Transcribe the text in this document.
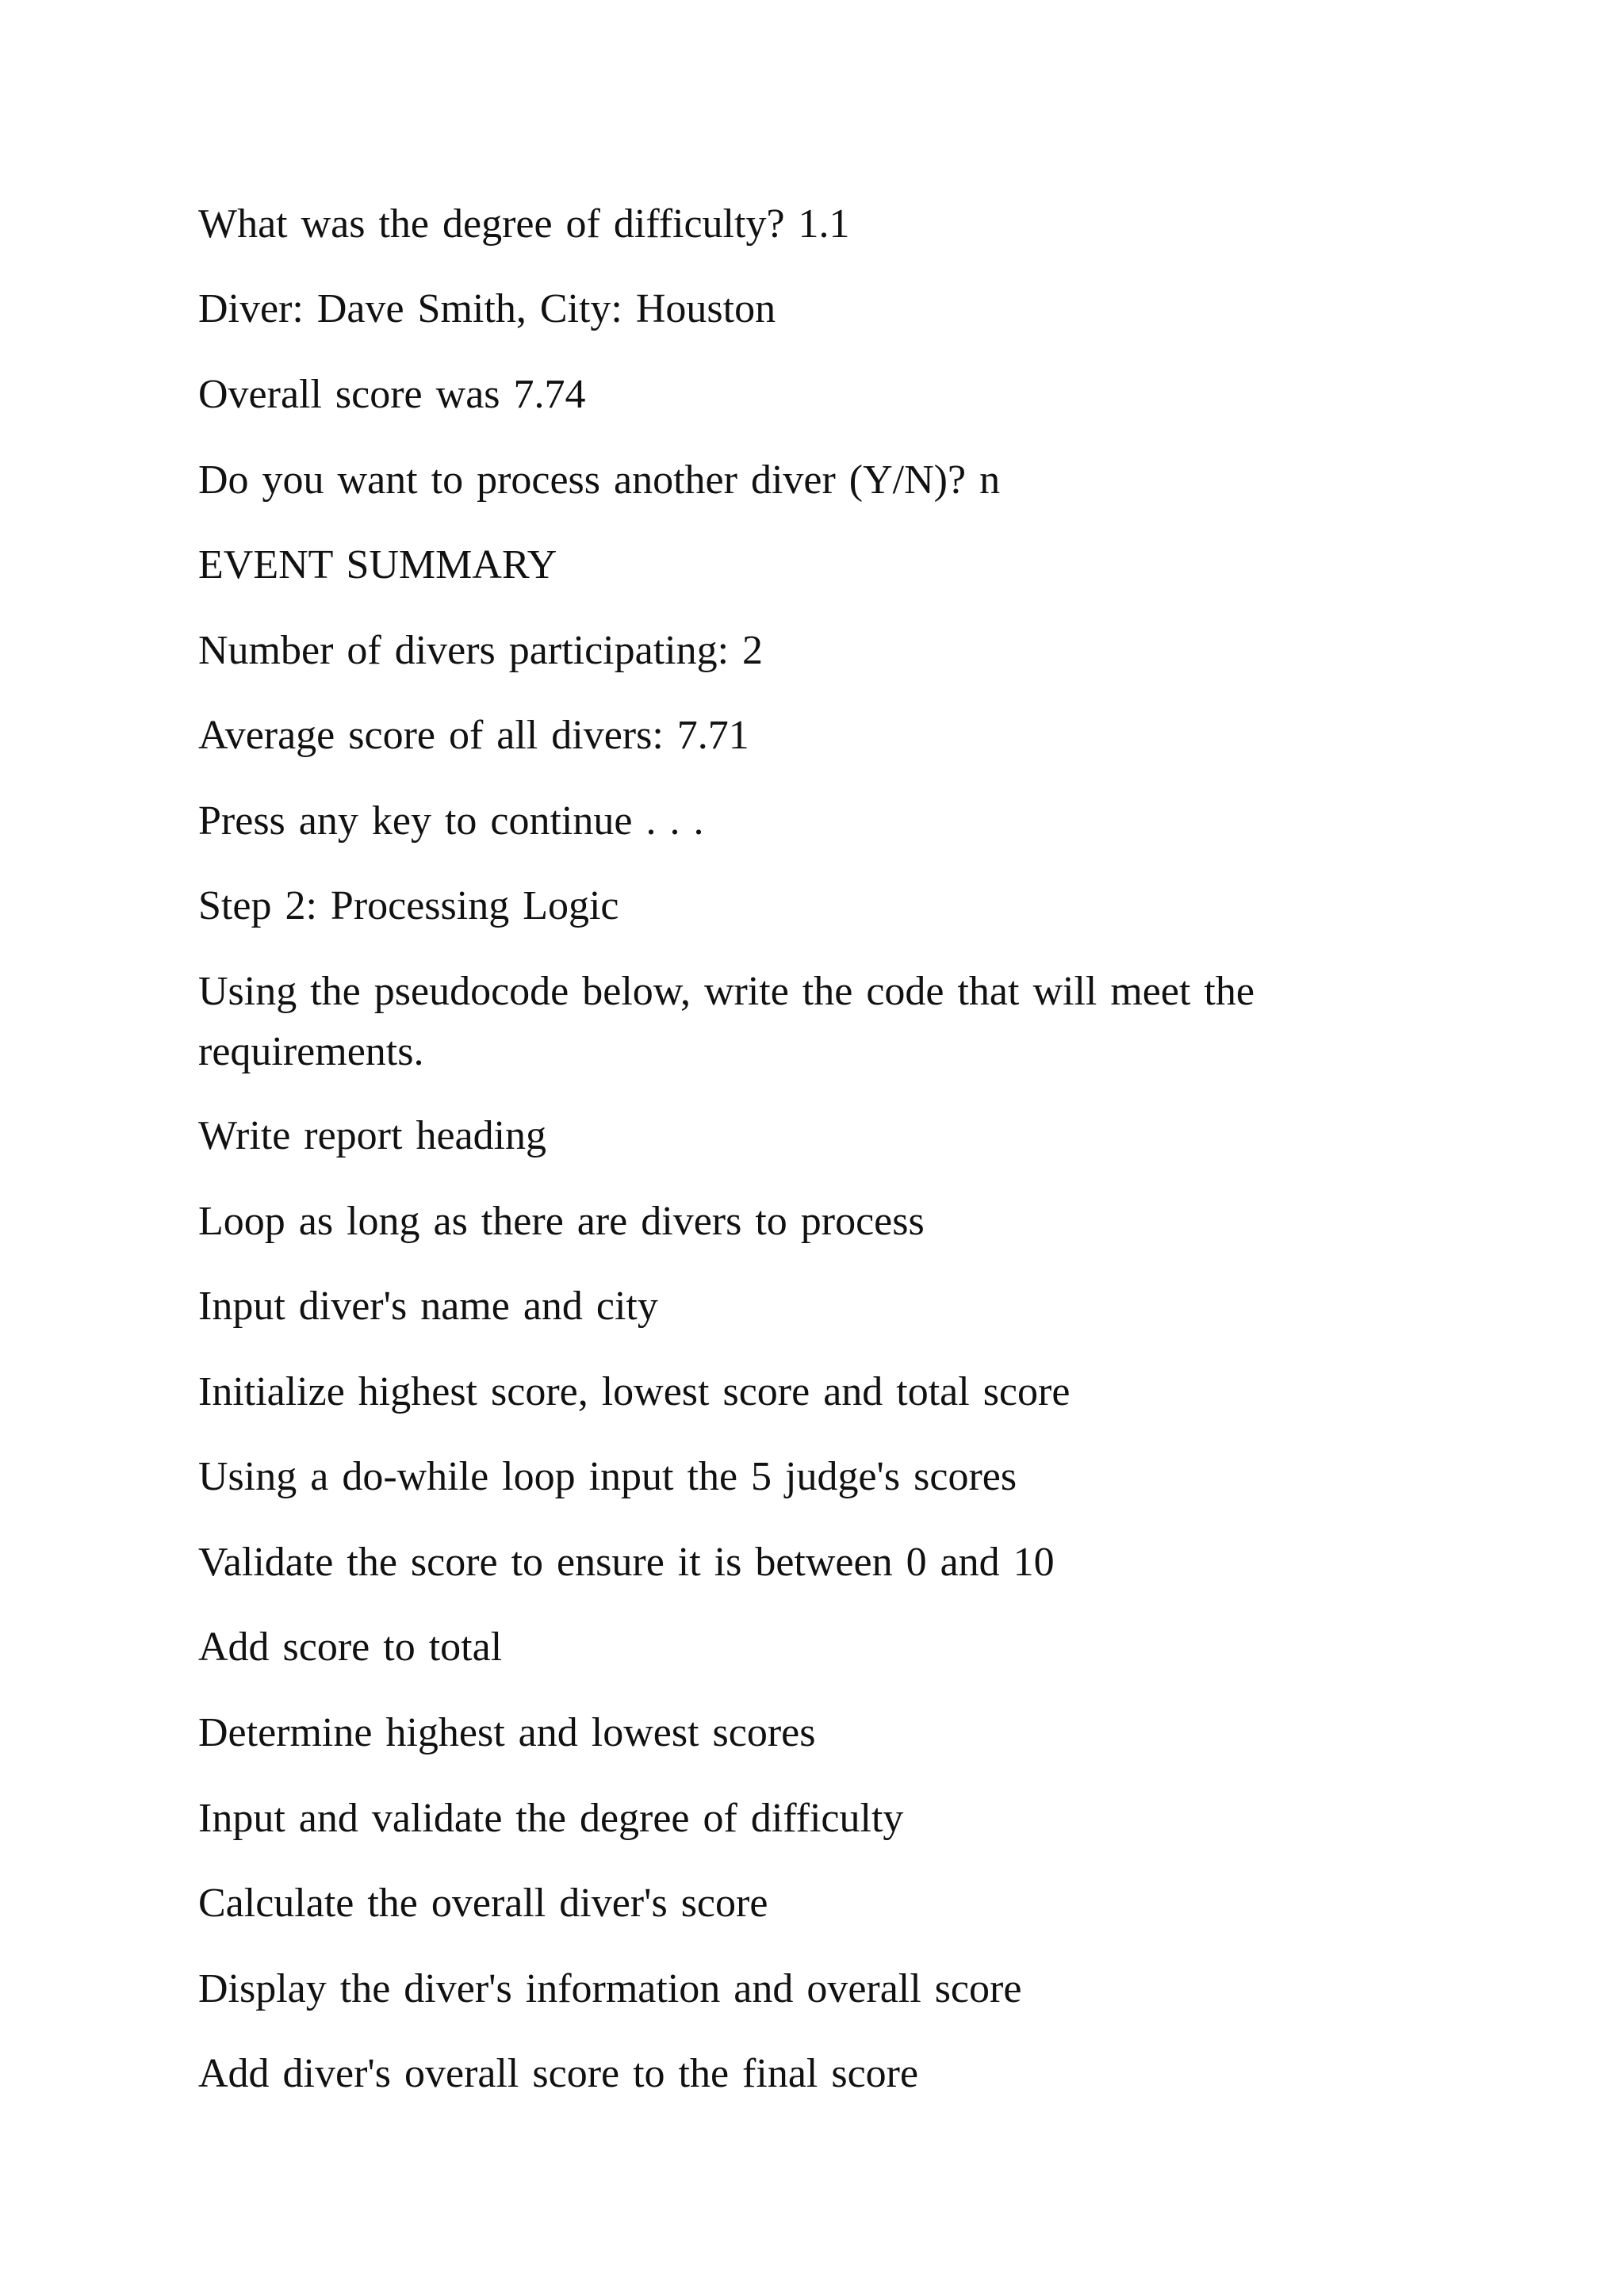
What was the degree of difficulty? 1.1

Diver: Dave Smith, City: Houston

Overall score was 7.74

Do you want to process another diver (Y/N)? n

EVENT SUMMARY

Number of divers participating: 2

Average score of all divers: 7.71

Press any key to continue . . .

Step 2: Processing Logic

Using the pseudocode below, write the code that will meet the requirements.

Write report heading

Loop as long as there are divers to process

Input diver's name and city

Initialize highest score, lowest score and total score

Using a do-while loop input the 5 judge's scores

Validate the score to ensure it is between 0 and 10

Add score to total

Determine highest and lowest scores

Input and validate the degree of difficulty

Calculate the overall diver's score

Display the diver's information and overall score

Add diver's overall score to the final score
